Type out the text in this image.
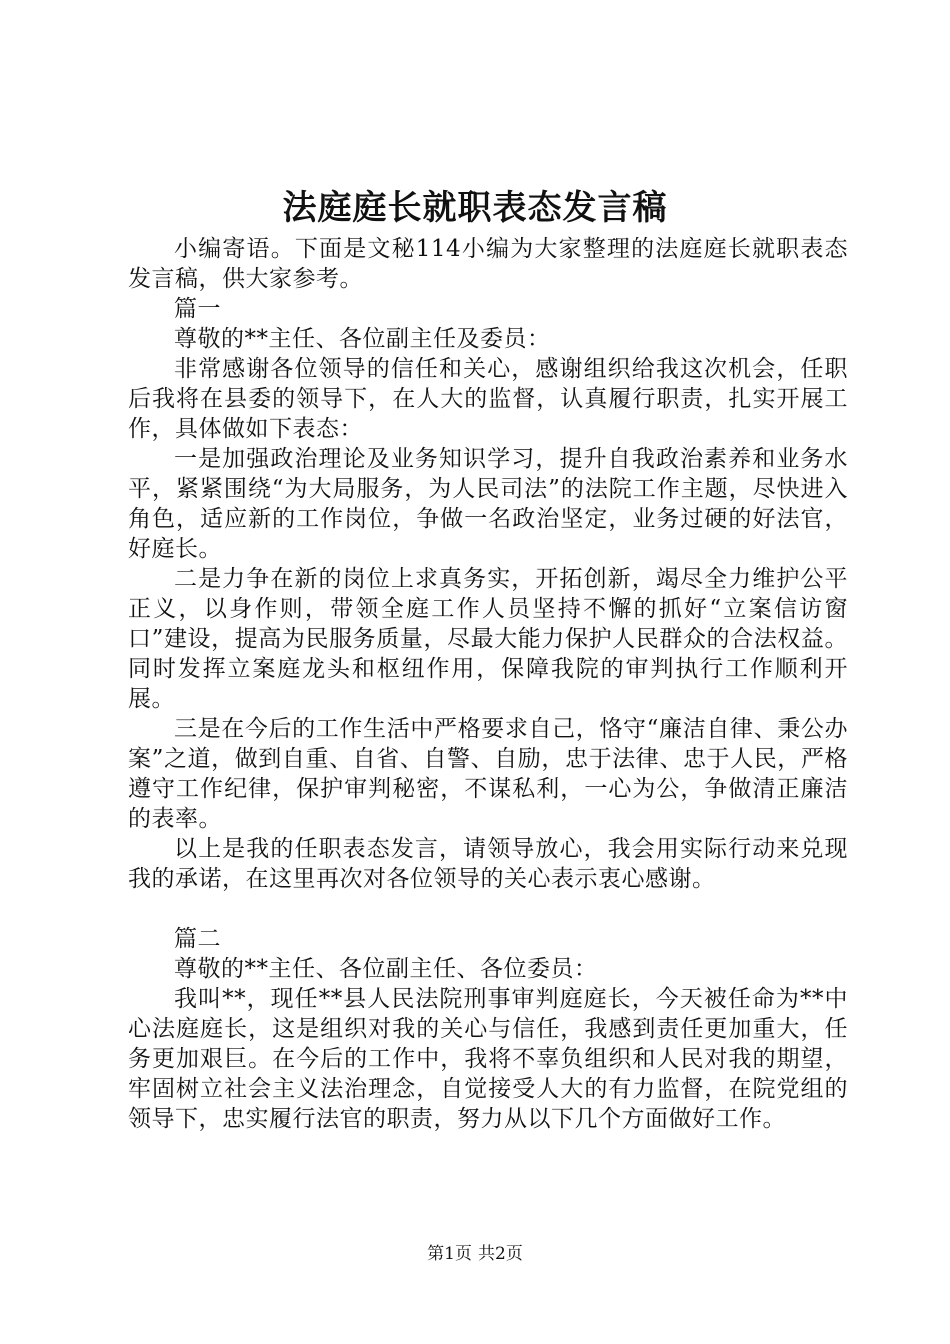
法庭庭长就职表态发言稿

小编寄语。下面是文秘114小编为大家整理的法庭庭长就职表态发言稿，供大家参考。

篇一

尊敬的**主任、各位副主任及委员：

非常感谢各位领导的信任和关心，感谢组织给我这次机会，任职后我将在县委的领导下，在人大的监督，认真履行职责，扎实开展工作，具体做如下表态：

一是加强政治理论及业务知识学习，提升自我政治素养和业务水平，紧紧围绕“为大局服务，为人民司法”的法院工作主题，尽快进入角色，适应新的工作岗位，争做一名政治坚定，业务过硬的好法官，好庭长。

二是力争在新的岗位上求真务实，开拓创新，竭尽全力维护公平正义，以身作则，带领全庭工作人员坚持不懈的抓好“立案信访窗口”建设，提高为民服务质量，尽最大能力保护人民群众的合法权益。同时发挥立案庭龙头和枢纽作用，保障我院的审判执行工作顺利开展。

三是在今后的工作生活中严格要求自己，恪守“廉洁自律、秉公办案”之道，做到自重、自省、自警、自励，忠于法律、忠于人民，严格遵守工作纪律，保护审判秘密，不谋私利，一心为公，争做清正廉洁的表率。

以上是我的任职表态发言，请领导放心，我会用实际行动来兑现我的承诺，在这里再次对各位领导的关心表示衷心感谢。

篇二

尊敬的**主任、各位副主任、各位委员：

我叫**，现任**县人民法院刑事审判庭庭长，今天被任命为**中心法庭庭长，这是组织对我的关心与信任，我感到责任更加重大，任务更加艰巨。在今后的工作中，我将不辜负组织和人民对我的期望，牢固树立社会主义法治理念，自觉接受人大的有力监督，在院党组的领导下，忠实履行法官的职责，努力从以下几个方面做好工作。

第1页 共2页
